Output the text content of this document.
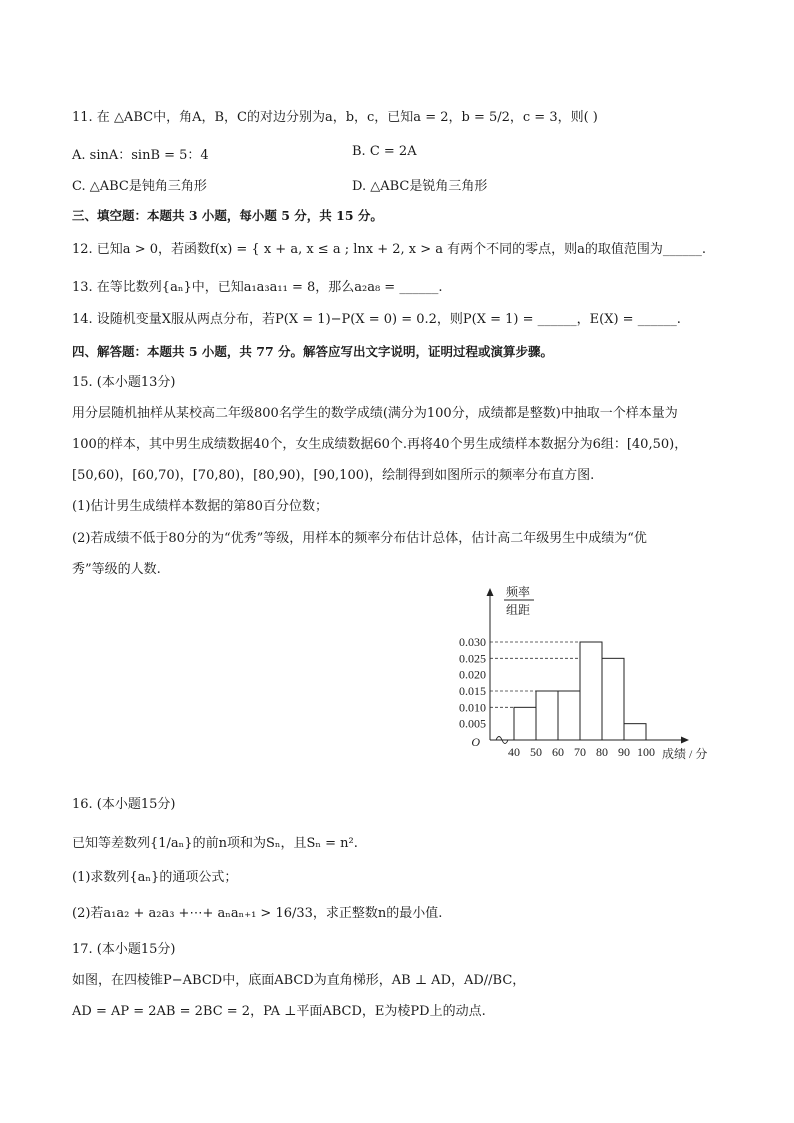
11. 在 △ABC中，角A，B，C的对边分别为a，b，c，已知a = 2，b = 5/2，c = 3，则( )
A. sinA：sinB = 5：4	B. C = 2A
C. △ABC是钝角三角形	D. △ABC是锐角三角形
三、填空题：本题共 3 小题，每小题 5 分，共 15 分。
12. 已知a > 0，若函数f(x) = { x + a, x ≤ a ; lnx + 2, x > a 有两个不同的零点，则a的取值范围为______.
13. 在等比数列{aₙ}中，已知a₁a₃a₁₁ = 8，那么a₂a₈ = ______.
14. 设随机变量X服从两点分布，若P(X = 1)−P(X = 0) = 0.2，则P(X = 1) = ______，E(X) = ______.
四、解答题：本题共 5 小题，共 77 分。解答应写出文字说明，证明过程或演算步骤。
15. (本小题13分)
用分层随机抽样从某校高二年级800名学生的数学成绩(满分为100分，成绩都是整数)中抽取一个样本量为
100的样本，其中男生成绩数据40个，女生成绩数据60个.再将40个男生成绩样本数据分为6组：[40,50)，
[50,60)，[60,70)，[70,80)，[80,90)，[90,100)，绘制得到如图所示的频率分布直方图.
(1)估计男生成绩样本数据的第80百分位数；
(2)若成绩不低于80分的为“优秀”等级，用样本的频率分布估计总体，估计高二年级男生中成绩为“优
秀”等级的人数.
0.005
0.010
0.015
0.020
0.025
0.030
40 50 60 70 80 90 100
O
频率
组距
成绩 / 分
16. (本小题15分)
已知等差数列{1/aₙ}的前n项和为Sₙ，且Sₙ = n².
(1)求数列{aₙ}的通项公式；
(2)若a₁a₂ + a₂a₃ +⋯+ aₙaₙ₊₁ > 16/33，求正整数n的最小值.
17. (本小题15分)
如图，在四棱锥P−ABCD中，底面ABCD为直角梯形，AB ⊥ AD，AD//BC，
AD = AP = 2AB = 2BC = 2，PA ⊥平面ABCD，E为棱PD上的动点.
